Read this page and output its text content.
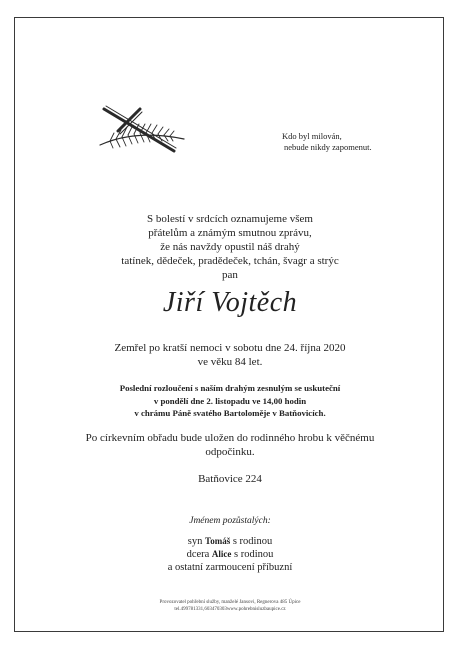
Kdo byl milován,
nebude nikdy zapomenut.
S bolestí v srdcích oznamujeme všem
přátelům a známým smutnou zprávu,
že nás navždy opustil náš drahý
tatínek, dědeček, pradědeček, tchán, švagr a strýc
pan
Jiří Vojtěch
Zemřel po kratší nemoci v sobotu dne 24. října 2020
ve věku 84 let.
Poslední rozloučení s naším drahým zesnulým se uskuteční
v pondělí dne 2. listopadu ve 14,00 hodin
v chrámu Páně svatého Bartoloměje v Batňovicích.
Po církevním obřadu bude uložen do rodinného hrobu k věčnému
odpočinku.
Batňovice 224
Jménem pozůstalých:
syn Tomáš s rodinou
dcera Alice s rodinou
a ostatní zarmoucení příbuzní
Provozovatel pohřební služby, manželé Jansovi, Regnerova 485 Úpice
tel.499781331,603470303www.pohrebnisluzbaupice.cz
